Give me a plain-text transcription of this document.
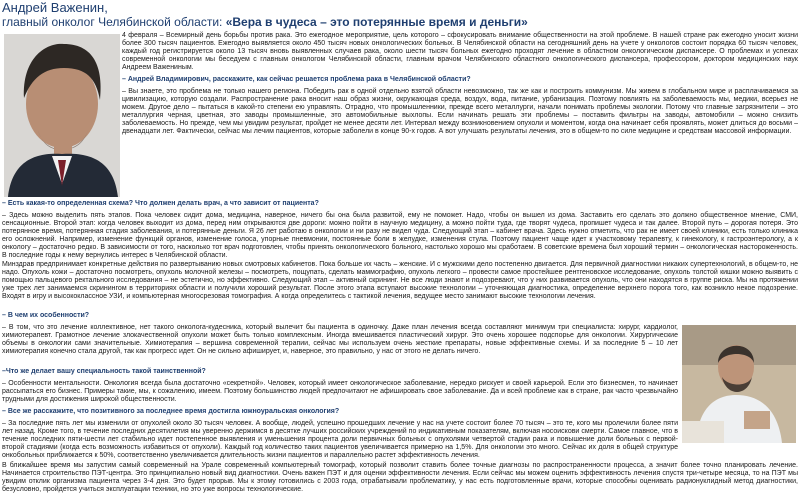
Андрей Важенин,
главный онколог Челябинской области: «Вера в чудеса – это потерянные время и деньги»

4 февраля – Всемирный день борьбы против рака. Это ежегодное мероприятие, цель которого – сфокусировать внимание общественности на этой проблеме. В нашей стране рак ежегодно уносит жизни более 300 тысяч пациентов. Ежегодно выявляется около 450 тысяч новых онкологических больных. В Челябинской области на сегодняшний день на учете у онкологов состоит порядка 60 тысяч человек, каждый год регистрируется около 13 тысяч вновь выявленных случаев рака, около шести тысяч больных ежегодно проходят лечение в областном онкологическом диспансере. О проблемах и успехах современной онкологии мы беседуем с главным онкологом Челябинской области, главным врачом Челябинского областного онкологического диспансера, профессором, доктором медицинских наук Андреем Важениным.

– Андрей Владимирович, расскажите, как сейчас решается проблема рака в Челябинской области?

– Вы знаете, это проблема не только нашего региона. Победить рак в одной отдельно взятой области невозможно, так же как и построить коммунизм. Мы живем в глобальном мире и расплачиваемся за цивилизацию, которую создали. Распространение рака вносит наш образ жизни, окружающая среда, воздух, вода, питание, урбанизация. Поэтому повлиять на заболеваемость мы, медики, всерьез не можем. Другое дело – пытаться в какой-то степени ею управлять. Отрадно, что промышленники, прежде всего металлурги, начали понимать проблемы экологии. Потому что главные загрязнители – это металлургия черная, цветная, это заводы промышленные, это автомобильные выхлопы. Если начинать решать эти проблемы – поставить фильтры на заводы, автомобили – можно снизить заболеваемость. Но прежде, чем мы увидим результат, пройдет не менее десяти лет. Интервал между возникновением опухоли и моментом, когда она начинает себя проявлять, может длиться до восьми – двенадцати лет. Фактически, сейчас мы лечим пациентов, которые заболели в конце 90-х годов. А вот улучшать результаты лечения, это в общем-то по силе медицине и средствам массовой информации.

– Есть какая-то определенная схема? Что должен делать врач, а что зависит от пациента?

– Здесь можно выделить пять этапов. Пока человек сидит дома, медицина, наверное, ничего бы она была развитой, ему не поможет. Надо, чтобы он вышел из дома. Заставить его сделать это должно общественное мнение, СМИ, сенсационные. Второй этап: когда человек выходит из дома, перед ним открываются две дороги: можно пойти в научную медицину, а можно пойти туда, где творят чудеса, пропишет чудеса и так далее. Второй путь – дорогая потеря. Это потерянное время, потерянная стадия заболевания, и потерянные деньги. Я 26 лет работаю в онкологии и ни разу не видел чуда. Следующий этап – кабинет врача. Здесь нужно отметить, что рак не имеет своей клиники, есть только клиника его осложнений. Например, изменение функций органов, изменение голоса, упорные пневмонии, постоянные боли в желудке, изменения стула. Поэтому пациент чаще идет к участковому терапевту, к гинекологу, к гастроэнтерологу, а к онкологу – достаточно редко. В зависимости от того, насколько тот врач подготовлен, чтобы принять онкологического больного, настолько хорошо мы сработаем. В советские времена был хороший термин – онкологическая настороженность. В последние годы к нему вернулись интерес в Челябинской области.

Минздрав предпринимает конкретные действия по развертыванию новых смотровых кабинетов. Пока больше их часть – женские. И с мужскими дело постепенно двигается. Для первичной диагностики никаких супертехнологий, в общем-то, не надо. Опухоль кожи – достаточно посмотреть, опухоль молочной железы – посмотреть, пощупать, сделать маммографию, опухоль легкого – провести самое простейшее рентгеновское исследование, опухоль толстой кишки можно выявить с помощью пальцевого ректального исследования – не эстетично, но эффективно. Следующий этап – активный скрининг. Не все люди знают и подозревают, что у них развивается опухоль, что они находятся в группе риска. Мы на протяжении уже трех лет занимаемся скринингом в территориях области и получили хороший результат. После этого этапа вступают высокие технологии – уточняющая диагностика, определение верхнего порога того, как возникло некое подозрение. Входят в игру и высококлассное УЗИ, и компьютерная многосрезовая томография. А когда определитесь с тактикой лечения, ведущее место занимают высокие технологии лечения.

– В чем их особенности?

– В том, что это лечение коллективное, нет такого онколога-кудесника, который вылечит бы пациента в одиночку. Даже план лечения всегда составляют минимум три специалиста: хирург, кардиолог, химиотерапевт. Грамотное лечение злокачественной опухоли может быть только комплексным. Иногда вмешивается пластический хирург. Это очень хорошее подспорье для онкологии. Хирургические объемы в онкологии сами значительные. Химиотерапия – вершина современной терапии, сейчас мы используем очень жесткие препараты, новые эффективные схемы. И за последние 5 – 10 лет химиотерапия конечно стала другой, так как прогресс идет. Он не сильно афиширует, и, наверное, это правильно, у нас от этого не делать ничего.

–Что же делает вашу специальность такой таинственной?

– Особенности ментальности. Онкология всегда была достаточно «секретной». Человек, который имеет онкологическое заболевание, нередко рискует и своей карьерой. Если это бизнесмен, то начинает рассыпаться его бизнес. Примеры такие, мы, к сожалению, имеем. Поэтому большинство людей предпочитают не афишировать свое заболевание. Да и всей проблеме как в стране, рак часто чрезвычайно трудными для достижения широкой общественности.

– Все же расскажите, что позитивного за последнее время достигла южноуральская онкология?

– За последние пять лет мы изменили от опухолей около 30 тысяч человек. А вообще, людей, успешно прошедших лечение у нас на учете состоит более 70 тысяч – это те, кого мы пролечили более пяти лет назад. Кроме того, в течение последних десятилетия мы уверенно держимся в десятке лучших российских учреждений по индикативным показателям, включая носоискови смерти. Самое главное, что в течение последних пяти-шести лет стабильно идет постепенное выявления и уменьшения процента доли первичных больных с опухолями четвертой стадии рака и повышение доли больных с первой-второй стадиями (когда есть возможность избавиться от опухоли). Каждый год количество таких пациентов увеличивается примерно на 1,5%. Для онкологии это много. Сейчас их доля в общей структуре онкобольных приближается к 50%, соответственно увеличивается длительность жизни пациентов и параллельно растет эффективность лечения.

В ближайшее время мы запустим самый современный на Урале современный компьютерный томограф, который позволит ставить более точные диагнозы по распространенности процесса, а значит более точно планировать лечение. Начинается строительство ПЭТ-центра. Это принципиально новый вид диагностики. Очень важен ПЭТ и для оценки эффективности лечения. Если сейчас мы можем оценить эффективность лечения спустя три-четыре месяца, то на ПЭТ мы увидим отклик организма пациента через 3-4 дня. Это будет прорыв. Мы к этому готовились с 2003 года, отрабатывали проблематику, у нас есть подготовленные врачи, которые способны оценивать радионуклидный метод диагностики, безусловно, пройдется учиться эксплуатации техники, но это уже вопросы технологические.
